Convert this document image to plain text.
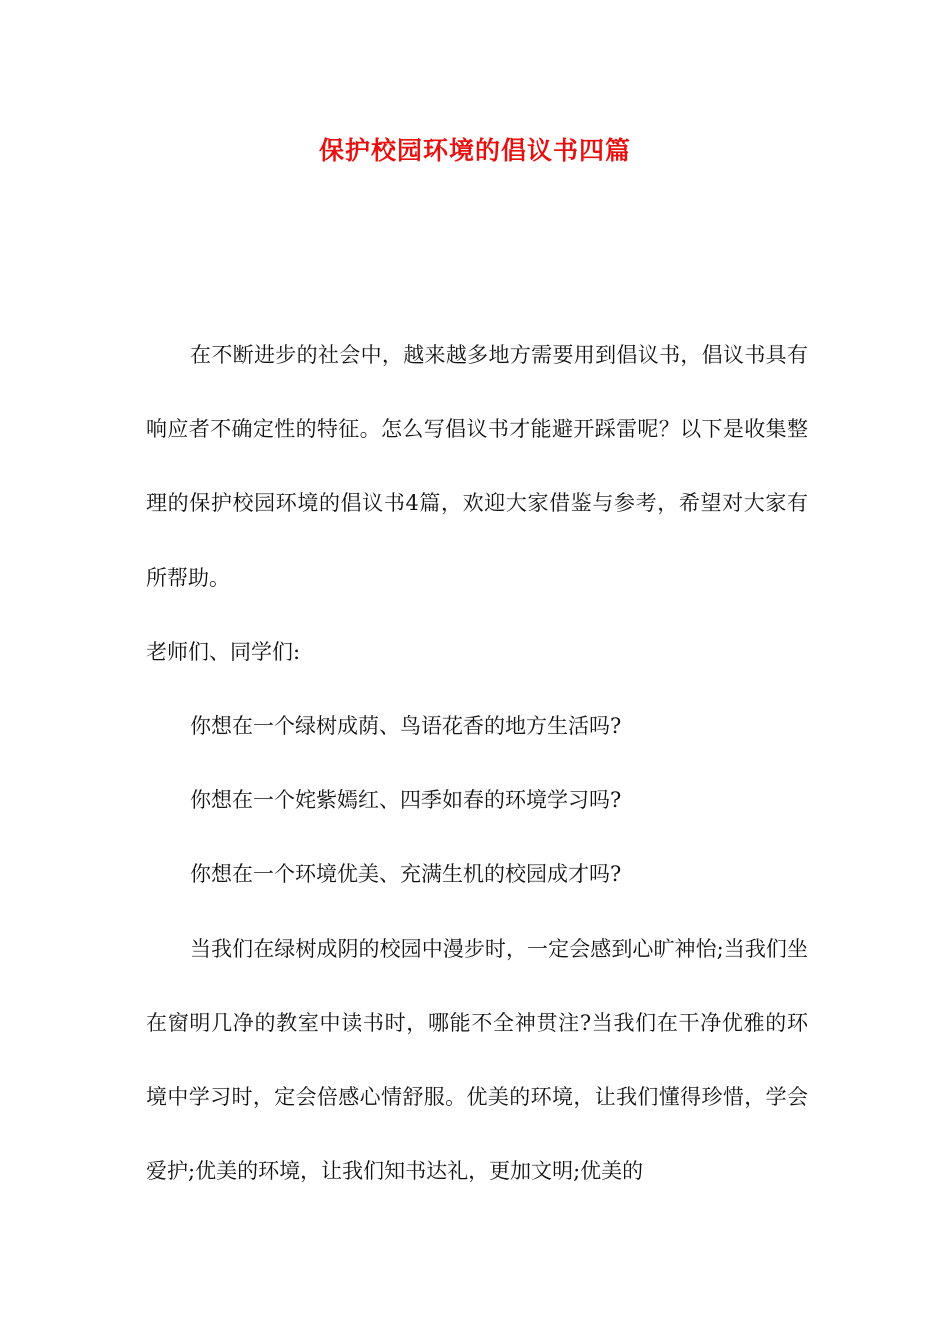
保护校园环境的倡议书四篇

在不断进步的社会中，越来越多地方需要用到倡议书，倡议书具有响应者不确定性的特征。怎么写倡议书才能避开踩雷呢？以下是收集整理的保护校园环境的倡议书4篇，欢迎大家借鉴与参考，希望对大家有所帮助。

老师们、同学们:

你想在一个绿树成荫、鸟语花香的地方生活吗?

你想在一个姹紫嫣红、四季如春的环境学习吗?

你想在一个环境优美、充满生机的校园成才吗?

当我们在绿树成阴的校园中漫步时，一定会感到心旷神怡;当我们坐在窗明几净的教室中读书时，哪能不全神贯注?当我们在干净优雅的环境中学习时，定会倍感心情舒服。优美的环境，让我们懂得珍惜，学会爱护;优美的环境，让我们知书达礼，更加文明;优美的
